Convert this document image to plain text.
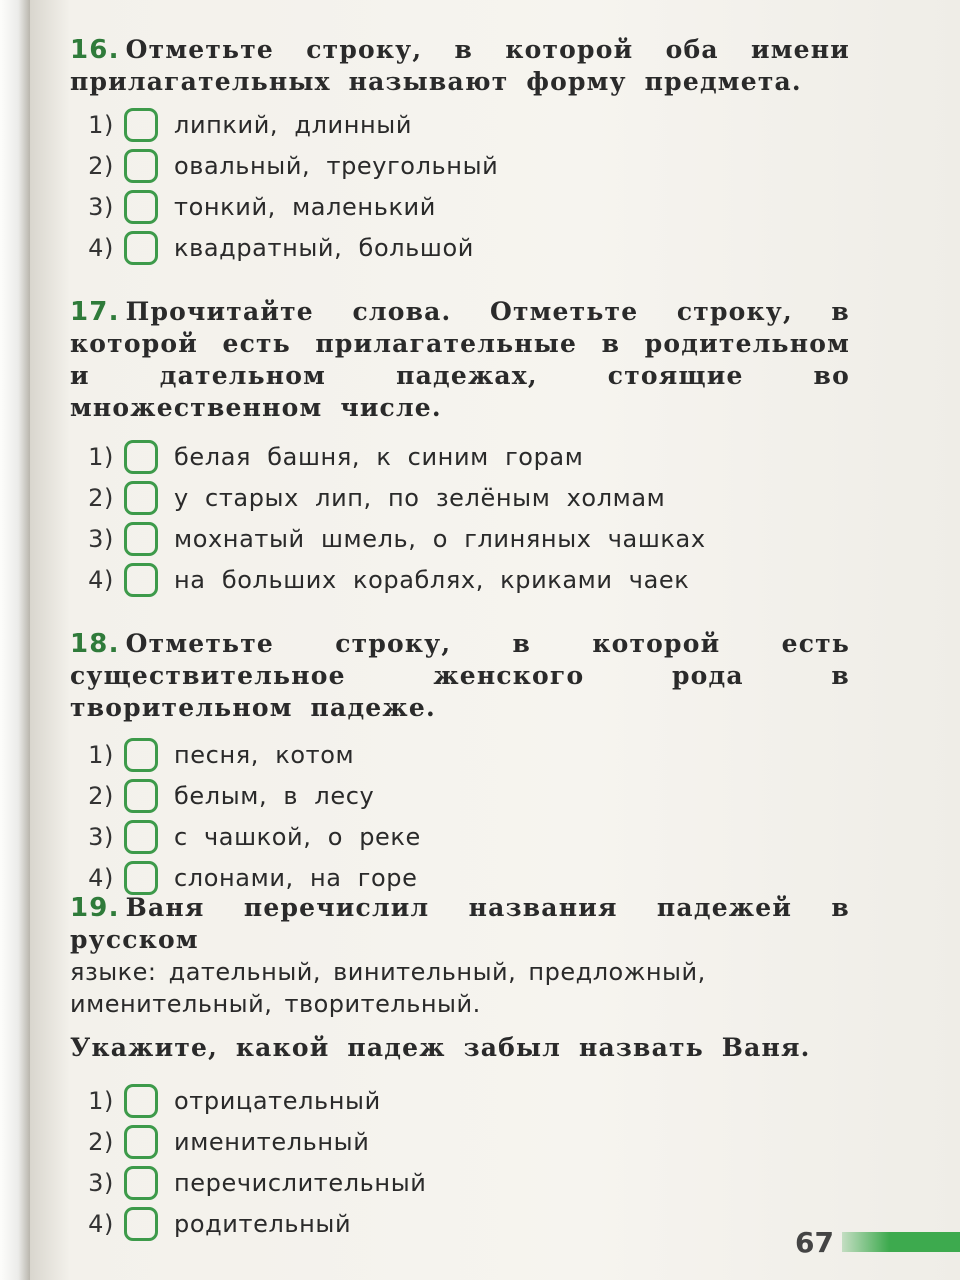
16. Отметьте строку, в которой оба имени прилагательных называют форму предмета.
1)	липкий, длинный
2)	овальный, треугольный
3)	тонкий, маленький
4)	квадратный, большой
17. Прочитайте слова. Отметьте строку, в которой есть прилагательные в родительном и дательном падежах, стоящие во множественном числе.
1)	белая башня, к синим горам
2)	у старых лип, по зелёным холмам
3)	мохнатый шмель, о глиняных чашках
4)	на больших кораблях, криками чаек
18. Отметьте строку, в которой есть существительное женского рода в творительном падеже.
1)	песня, котом
2)	белым, в лесу
3)	с чашкой, о реке
4)	слонами, на горе
19. Ваня перечислил названия падежей в русском
языке: дательный, винительный, предложный, именительный, творительный.
Укажите, какой падеж забыл назвать Ваня.
1)	отрицательный
2)	именительный
3)	перечислительный
4)	родительный
67
